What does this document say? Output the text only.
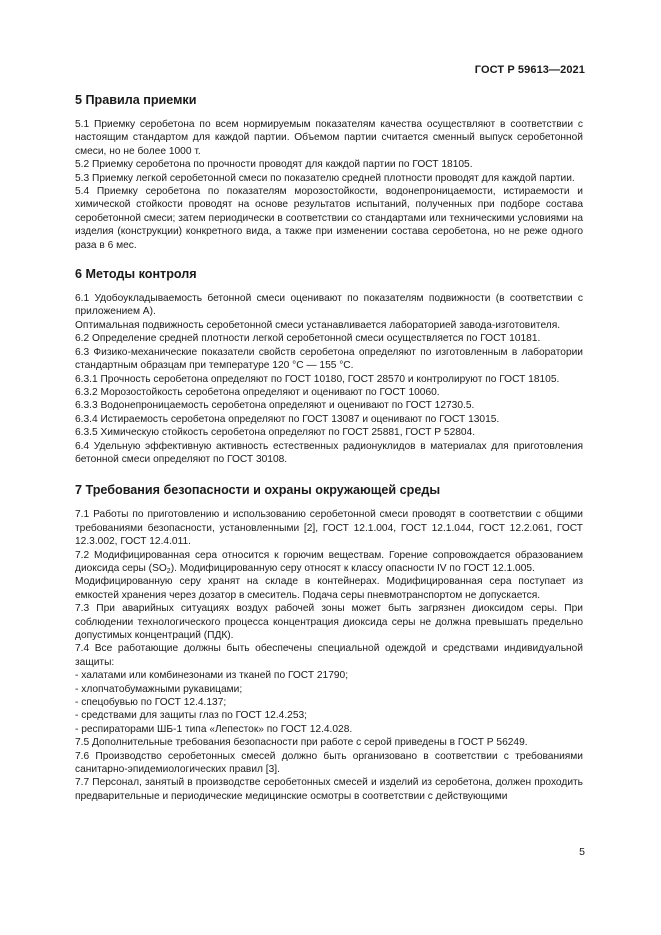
ГОСТ Р 59613—2021
5 Правила приемки

5.1 Приемку серобетона по всем нормируемым показателям качества осуществляют в соответствии с настоящим стандартом для каждой партии. Объемом партии считается сменный выпуск серобетонной смеси, но не более 1000 т.

5.2 Приемку серобетона по прочности проводят для каждой партии по ГОСТ 18105.

5.3 Приемку легкой серобетонной смеси по показателю средней плотности проводят для каждой партии.

5.4 Приемку серобетона по показателям морозостойкости, водонепроницаемости, истираемости и химической стойкости проводят на основе результатов испытаний, полученных при подборе состава серобетонной смеси; затем периодически в соответствии со стандартами или техническими условиями на изделия (конструкции) конкретного вида, а также при изменении состава серобетона, но не реже одного раза в 6 мес.

6 Методы контроля

6.1 Удобоукладываемость бетонной смеси оценивают по показателям подвижности (в соответствии с приложением А).

Оптимальная подвижность серобетонной смеси устанавливается лабораторией завода-изготовителя.

6.2 Определение средней плотности легкой серобетонной смеси осуществляется по ГОСТ 10181.

6.3 Физико-механические показатели свойств серобетона определяют по изготовленным в лаборатории стандартным образцам при температуре 120 °С — 155 °С.

6.3.1 Прочность серобетона определяют по ГОСТ 10180, ГОСТ 28570 и контролируют по ГОСТ 18105.

6.3.2 Морозостойкость серобетона определяют и оценивают по ГОСТ 10060.

6.3.3 Водонепроницаемость серобетона определяют и оценивают по ГОСТ 12730.5.

6.3.4 Истираемость серобетона определяют по ГОСТ 13087 и оценивают по ГОСТ 13015.

6.3.5 Химическую стойкость серобетона определяют по ГОСТ 25881, ГОСТ Р 52804.

6.4 Удельную эффективную активность естественных радионуклидов в материалах для приготовления бетонной смеси определяют по ГОСТ 30108.

7 Требования безопасности и охраны окружающей среды

7.1 Работы по приготовлению и использованию серобетонной смеси проводят в соответствии с общими требованиями безопасности, установленными [2], ГОСТ 12.1.004, ГОСТ 12.1.044, ГОСТ 12.2.061, ГОСТ 12.3.002, ГОСТ 12.4.011.

7.2 Модифицированная сера относится к горючим веществам. Горение сопровождается образованием диоксида серы $(SO_2)$. Модифицированную серу относят к классу опасности IV по ГОСТ 12.1.005.

Модифицированную серу хранят на складе в контейнерах. Модифицированная сера поступает из емкостей хранения через дозатор в смеситель. Подача серы пневмотранспортом не допускается.

7.3 При аварийных ситуациях воздух рабочей зоны может быть загрязнен диоксидом серы. При соблюдении технологического процесса концентрация диоксида серы не должна превышать предельно допустимых концентраций (ПДК).

7.4 Все работающие должны быть обеспечены специальной одеждой и средствами индивидуальной защиты:

- халатами или комбинезонами из тканей по ГОСТ 21790;

- хлопчатобумажными рукавицами;

- спецобувью по ГОСТ 12.4.137;

- средствами для защиты глаз по ГОСТ 12.4.253;

- респираторами ШБ-1 типа «Лепесток» по ГОСТ 12.4.028.

7.5 Дополнительные требования безопасности при работе с серой приведены в ГОСТ Р 56249.

7.6 Производство серобетонных смесей должно быть организовано в соответствии с требованиями санитарно-эпидемиологических правил [3].

7.7 Персонал, занятый в производстве серобетонных смесей и изделий из серобетона, должен проходить предварительные и периодические медицинские осмотры в соответствии с действующими

5
